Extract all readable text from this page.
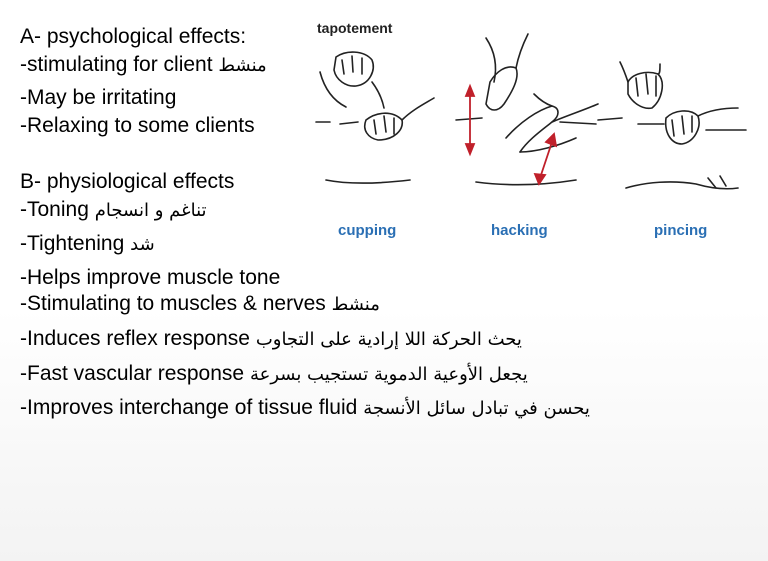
A- psychological effects:
-stimulating for client منشط
-May be irritating
-Relaxing to some clients
B- physiological effects
-Toning تناغم و انسجام
-Tightening شد
-Helps improve muscle tone
-Stimulating to muscles & nerves منشط
-Induces reflex response يحث الحركة اللا إرادية على التجاوب
-Fast vascular response يجعل الأوعية الدموية تستجيب بسرعة
-Improves interchange of tissue fluid يحسن في تبادل سائل الأنسجة
tapotement
cupping	hacking	pincing
